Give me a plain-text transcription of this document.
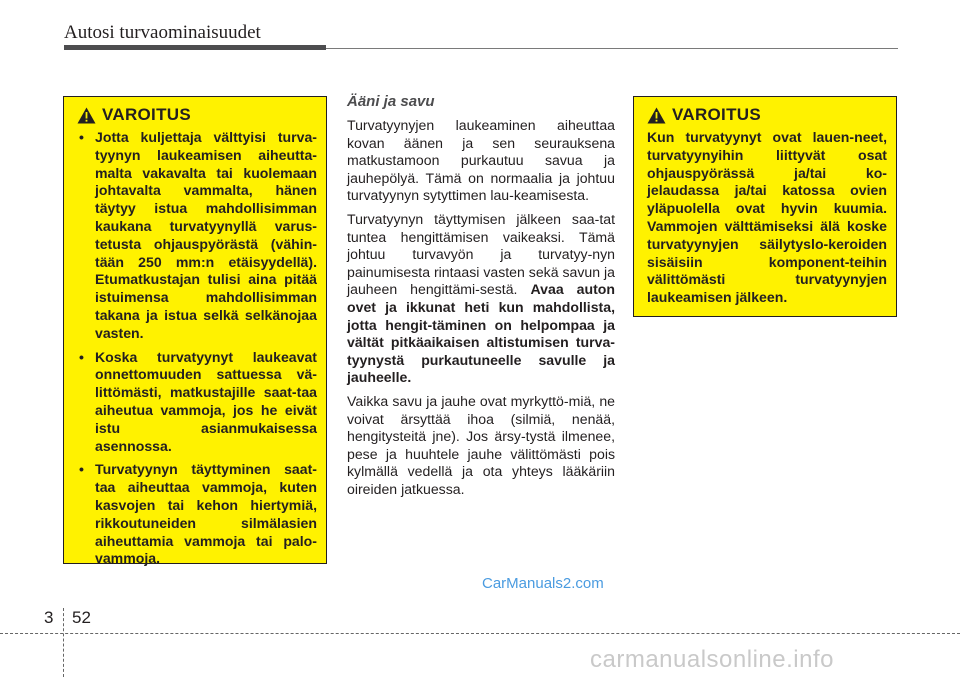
Autosi turvaominaisuudet
VAROITUS
• Jotta kuljettaja välttyisi turva-tyynyn laukeamisen aiheutta-malta vakavalta tai kuolemaan johtavalta vammalta, hänen täytyy istua mahdollisimman kaukana turvatyynyllä varus-tetusta ohjauspyörästä (vähin-tään 250 mm:n etäisyydellä). Etumatkustajan tulisi aina pitää istuimensa mahdollisimman takana ja istua selkä selkänojaa vasten.
• Koska turvatyynyt laukeavat onnettomuuden sattuessa vä-littömästi, matkustajille saat-taa aiheutua vammoja, jos he eivät istu asianmukaisessa asennossa.
• Turvatyynyn täyttyminen saat-taa aiheuttaa vammoja, kuten kasvojen tai kehon hiertymiä, rikkoutuneiden silmälasien aiheuttamia vammoja tai palo-vammoja.
Ääni ja savu

Turvatyynyjen laukeaminen aiheuttaa kovan äänen ja sen seurauksena matkustamoon purkautuu savua ja jauhepölyä. Tämä on normaalia ja johtuu turvatyynyn sytyttimen lau-keamisesta.

Turvatyynyn täyttymisen jälkeen saa-tat tuntea hengittämisen vaikeaksi. Tämä johtuu turvavyön ja turvatyy-nyn painumisesta rintaasi vasten sekä savun ja jauheen hengittämi-sestä. Avaa auton ovet ja ikkunat heti kun mahdollista, jotta hengit-täminen on helpompaa ja vältät pitkäaikaisen altistumisen turva-tyynystä purkautuneelle savulle ja jauheelle.

Vaikka savu ja jauhe ovat myrkyttö-miä, ne voivat ärsyttää ihoa (silmiä, nenää, hengitysteitä jne). Jos ärsy-tystä ilmenee, pese ja huuhtele jauhe välittömästi pois kylmällä vedellä ja ota yhteys lääkäriin oireiden jatkuessa.

VAROITUS
Kun turvatyynyt ovat lauen-neet, turvatyynyihin liittyvät osat ohjauspyörässä ja/tai ko-jelaudassa ja/tai katossa ovien yläpuolella ovat hyvin kuumia. Vammojen välttämiseksi älä koske turvatyynyjen säilytyslo-keroiden sisäisiin komponent-teihin välittömästi turvatyynyjen laukeamisen jälkeen.
CarManuals2.com
3 52
carmanualsonline.info
